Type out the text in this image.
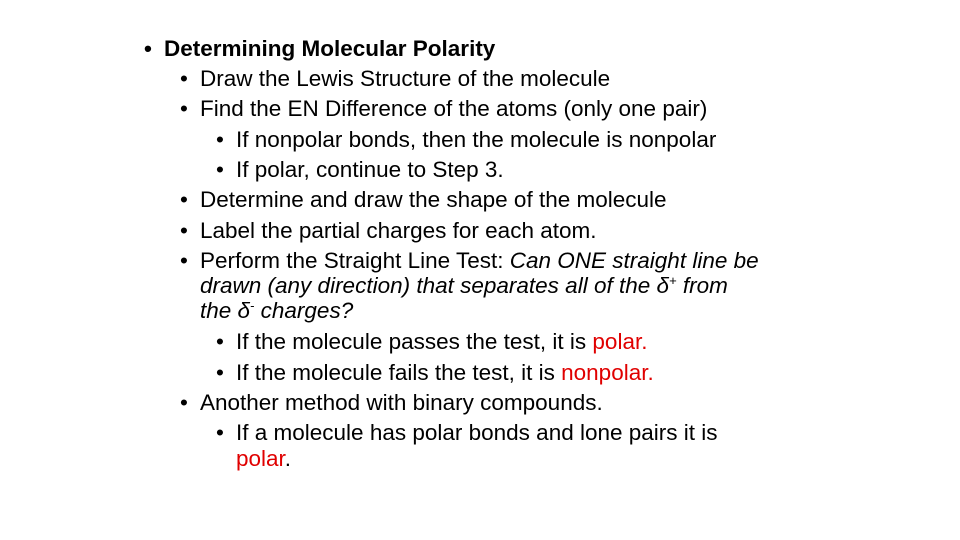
• Determining Molecular Polarity
• Draw the Lewis Structure of the molecule
• Find the EN Difference of the atoms (only one pair)
• If nonpolar bonds, then the molecule is nonpolar
• If polar, continue to Step 3.
• Determine and draw the shape of the molecule
• Label the partial charges for each atom.
• Perform the Straight Line Test: Can ONE straight line be
drawn (any direction) that separates all of the δ+ from
the δ- charges?
• If the molecule passes the test, it is polar.
• If the molecule fails the test, it is nonpolar.
• Another method with binary compounds.
• If a molecule has polar bonds and lone pairs it is
polar.
